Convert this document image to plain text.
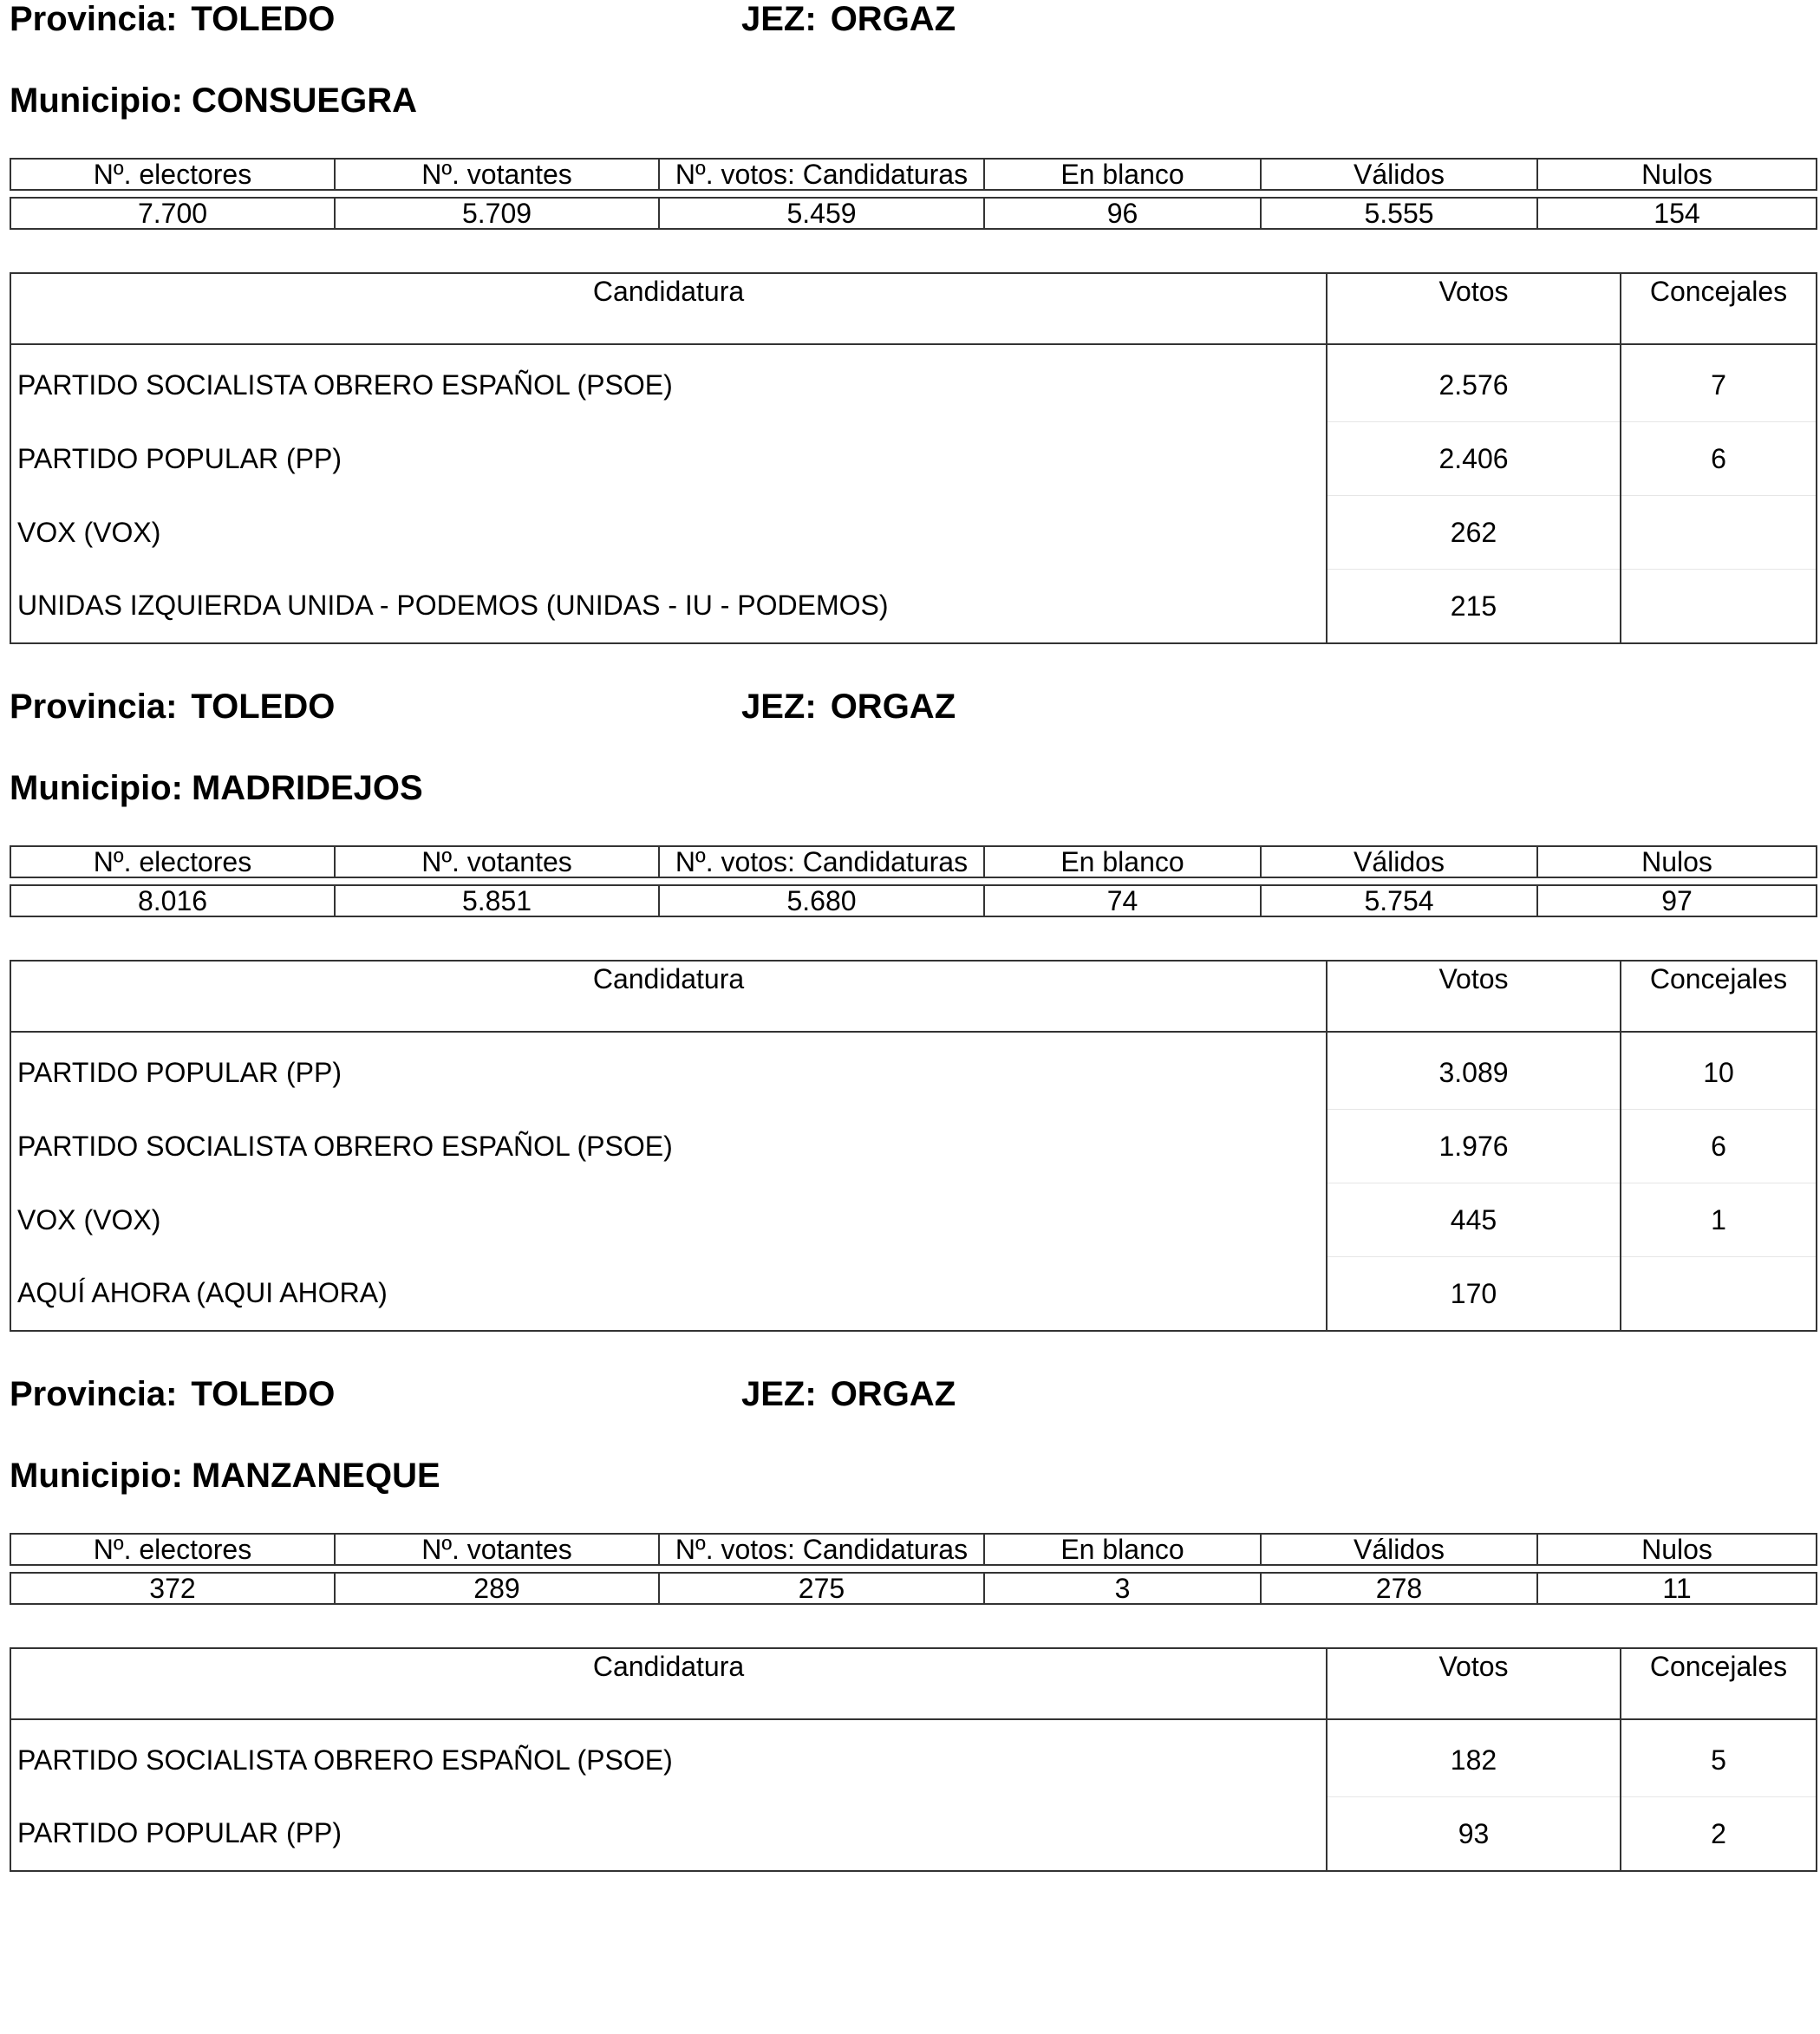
Provincia: TOLEDO	JEZ: ORGAZ
Municipio: CONSUEGRA
Nº. electores	Nº. votantes	Nº. votos: Candidaturas	En blanco	Válidos	Nulos
7.700	5.709	5.459	96	5.555	154
Candidatura	Votos	Concejales
PARTIDO SOCIALISTA OBRERO ESPAÑOL (PSOE)	2.576	7
PARTIDO POPULAR (PP)	2.406	6
VOX (VOX)	262	
UNIDAS IZQUIERDA UNIDA - PODEMOS (UNIDAS - IU - PODEMOS)	215	
Provincia: TOLEDO	JEZ: ORGAZ
Municipio: MADRIDEJOS
Nº. electores	Nº. votantes	Nº. votos: Candidaturas	En blanco	Válidos	Nulos
8.016	5.851	5.680	74	5.754	97
Candidatura	Votos	Concejales
PARTIDO POPULAR (PP)	3.089	10
PARTIDO SOCIALISTA OBRERO ESPAÑOL (PSOE)	1.976	6
VOX (VOX)	445	1
AQUÍ AHORA (AQUI AHORA)	170	
Provincia: TOLEDO	JEZ: ORGAZ
Municipio: MANZANEQUE
Nº. electores	Nº. votantes	Nº. votos: Candidaturas	En blanco	Válidos	Nulos
372	289	275	3	278	11
Candidatura	Votos	Concejales
PARTIDO SOCIALISTA OBRERO ESPAÑOL (PSOE)	182	5
PARTIDO POPULAR (PP)	93	2
